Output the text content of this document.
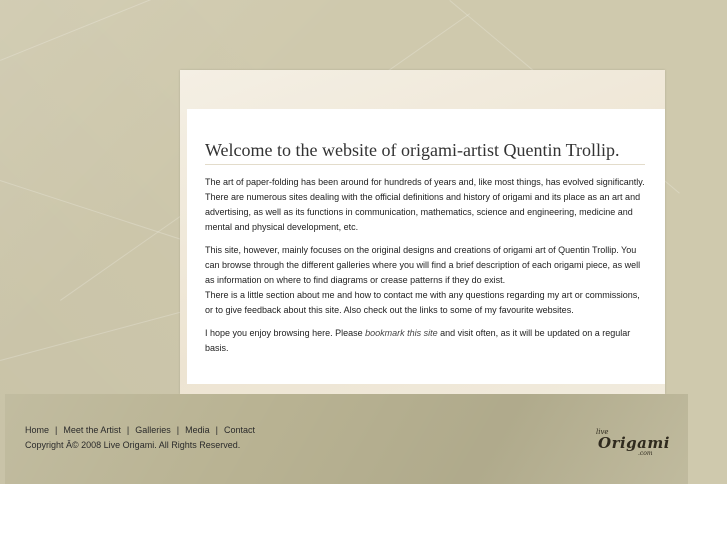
Welcome to the website of origami-artist Quentin Trollip.

The art of paper-folding has been around for hundreds of years and, like most things, has evolved significantly. There are numerous sites dealing with the official definitions and history of origami and its place as an art and advertising, as well as its functions in communication, mathematics, science and engineering, medicine and mental and physical development, etc.

This site, however, mainly focuses on the original designs and creations of origami art of Quentin Trollip. You can browse through the different galleries where you will find a brief description of each origami piece, as well as information on where to find diagrams or crease patterns if they do exist.
There is a little section about me and how to contact me with any questions regarding my art or commissions, or to give feedback about this site. Also check out the links to some of my favourite websites.

I hope you enjoy browsing here. Please bookmark this site and visit often, as it will be updated on a regular basis.

Home | Meet the Artist | Galleries | Media | Contact
Copyright Â© 2008 Live Origami. All Rights Reserved.
live
Origami
.com
